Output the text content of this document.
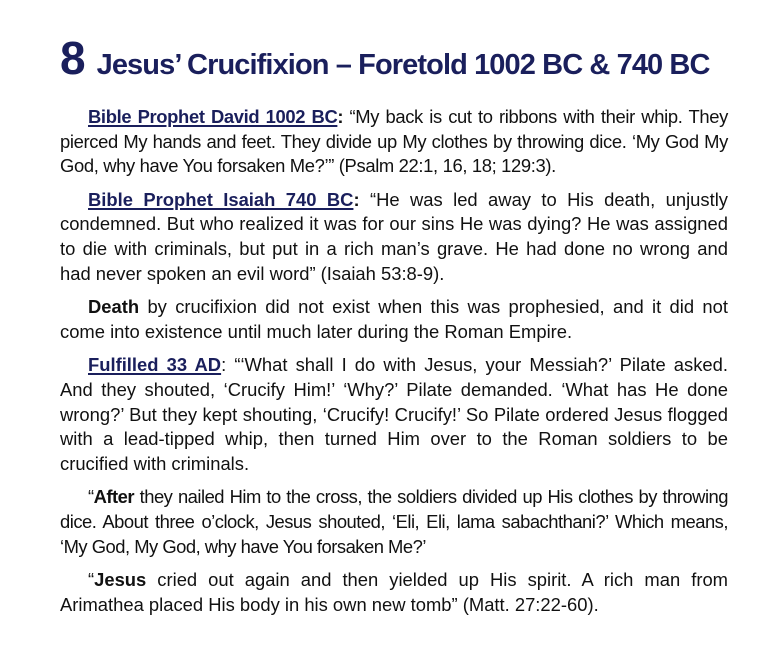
8 Jesus’ Crucifixion – Foretold 1002 BC & 740 BC

Bible Prophet David 1002 BC: “My back is cut to ribbons with their whip. They pierced My hands and feet. They divide up My clothes by throwing dice. ‘My God My God, why have You forsaken Me?’” (Psalm 22:1, 16, 18; 129:3).

Bible Prophet Isaiah 740 BC: “He was led away to His death, unjustly condemned. But who realized it was for our sins He was dying? He was assigned to die with criminals, but put in a rich man’s grave. He had done no wrong and had never spoken an evil word” (Isaiah 53:8-9).

Death by crucifixion did not exist when this was prophesied, and it did not come into existence until much later during the Roman Empire.

Fulfilled 33 AD: “‘What shall I do with Jesus, your Messiah?’ Pilate asked. And they shouted, ‘Crucify Him!’ ‘Why?’ Pilate demanded. ‘What has He done wrong?’ But they kept shouting, ‘Crucify! Crucify!’ So Pilate ordered Jesus flogged with a lead-tipped whip, then turned Him over to the Roman soldiers to be crucified with criminals.

“After they nailed Him to the cross, the soldiers divided up His clothes by throwing dice. About three o’clock, Jesus shouted, ‘Eli, Eli, lama sabachthani?’ Which means, ‘My God, My God, why have You forsaken Me?’

“Jesus cried out again and then yielded up His spirit. A rich man from Arimathea placed His body in his own new tomb” (Matt. 27:22-60).
